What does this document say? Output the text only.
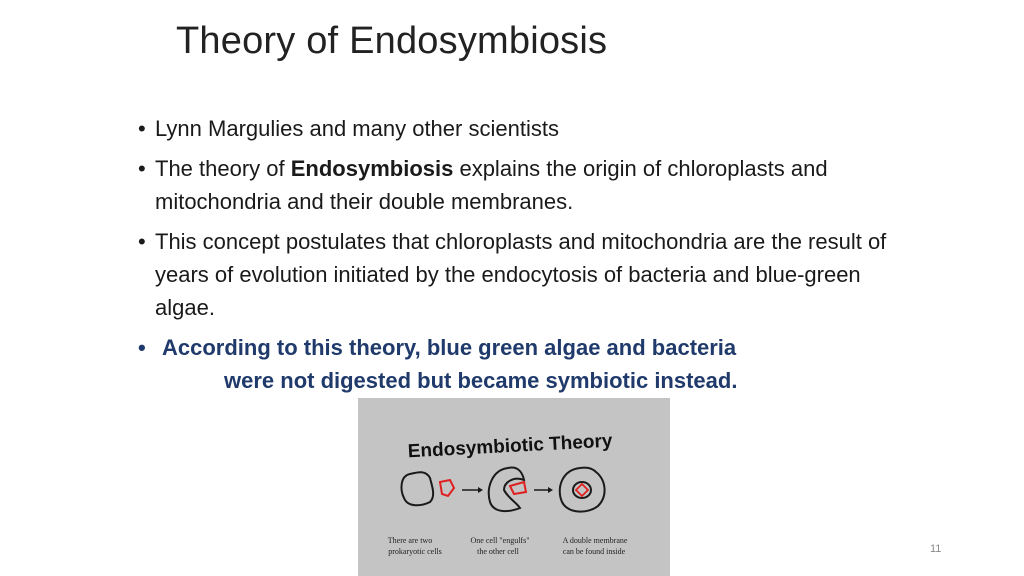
Theory of Endosymbiosis
• Lynn Margulies and many other scientists
• The theory of Endosymbiosis explains the origin of chloroplasts and mitochondria and their double membranes.
• This concept postulates that chloroplasts and mitochondria are the result of years of evolution initiated by the endocytosis of bacteria and blue-green algae.
• According to this theory, blue green algae and bacteria
were not digested but became symbiotic instead.
Endosymbiotic Theory
There are two
prokaryotic cells
One cell "engulfs"
the other cell
A double membrane
can be found inside	11
